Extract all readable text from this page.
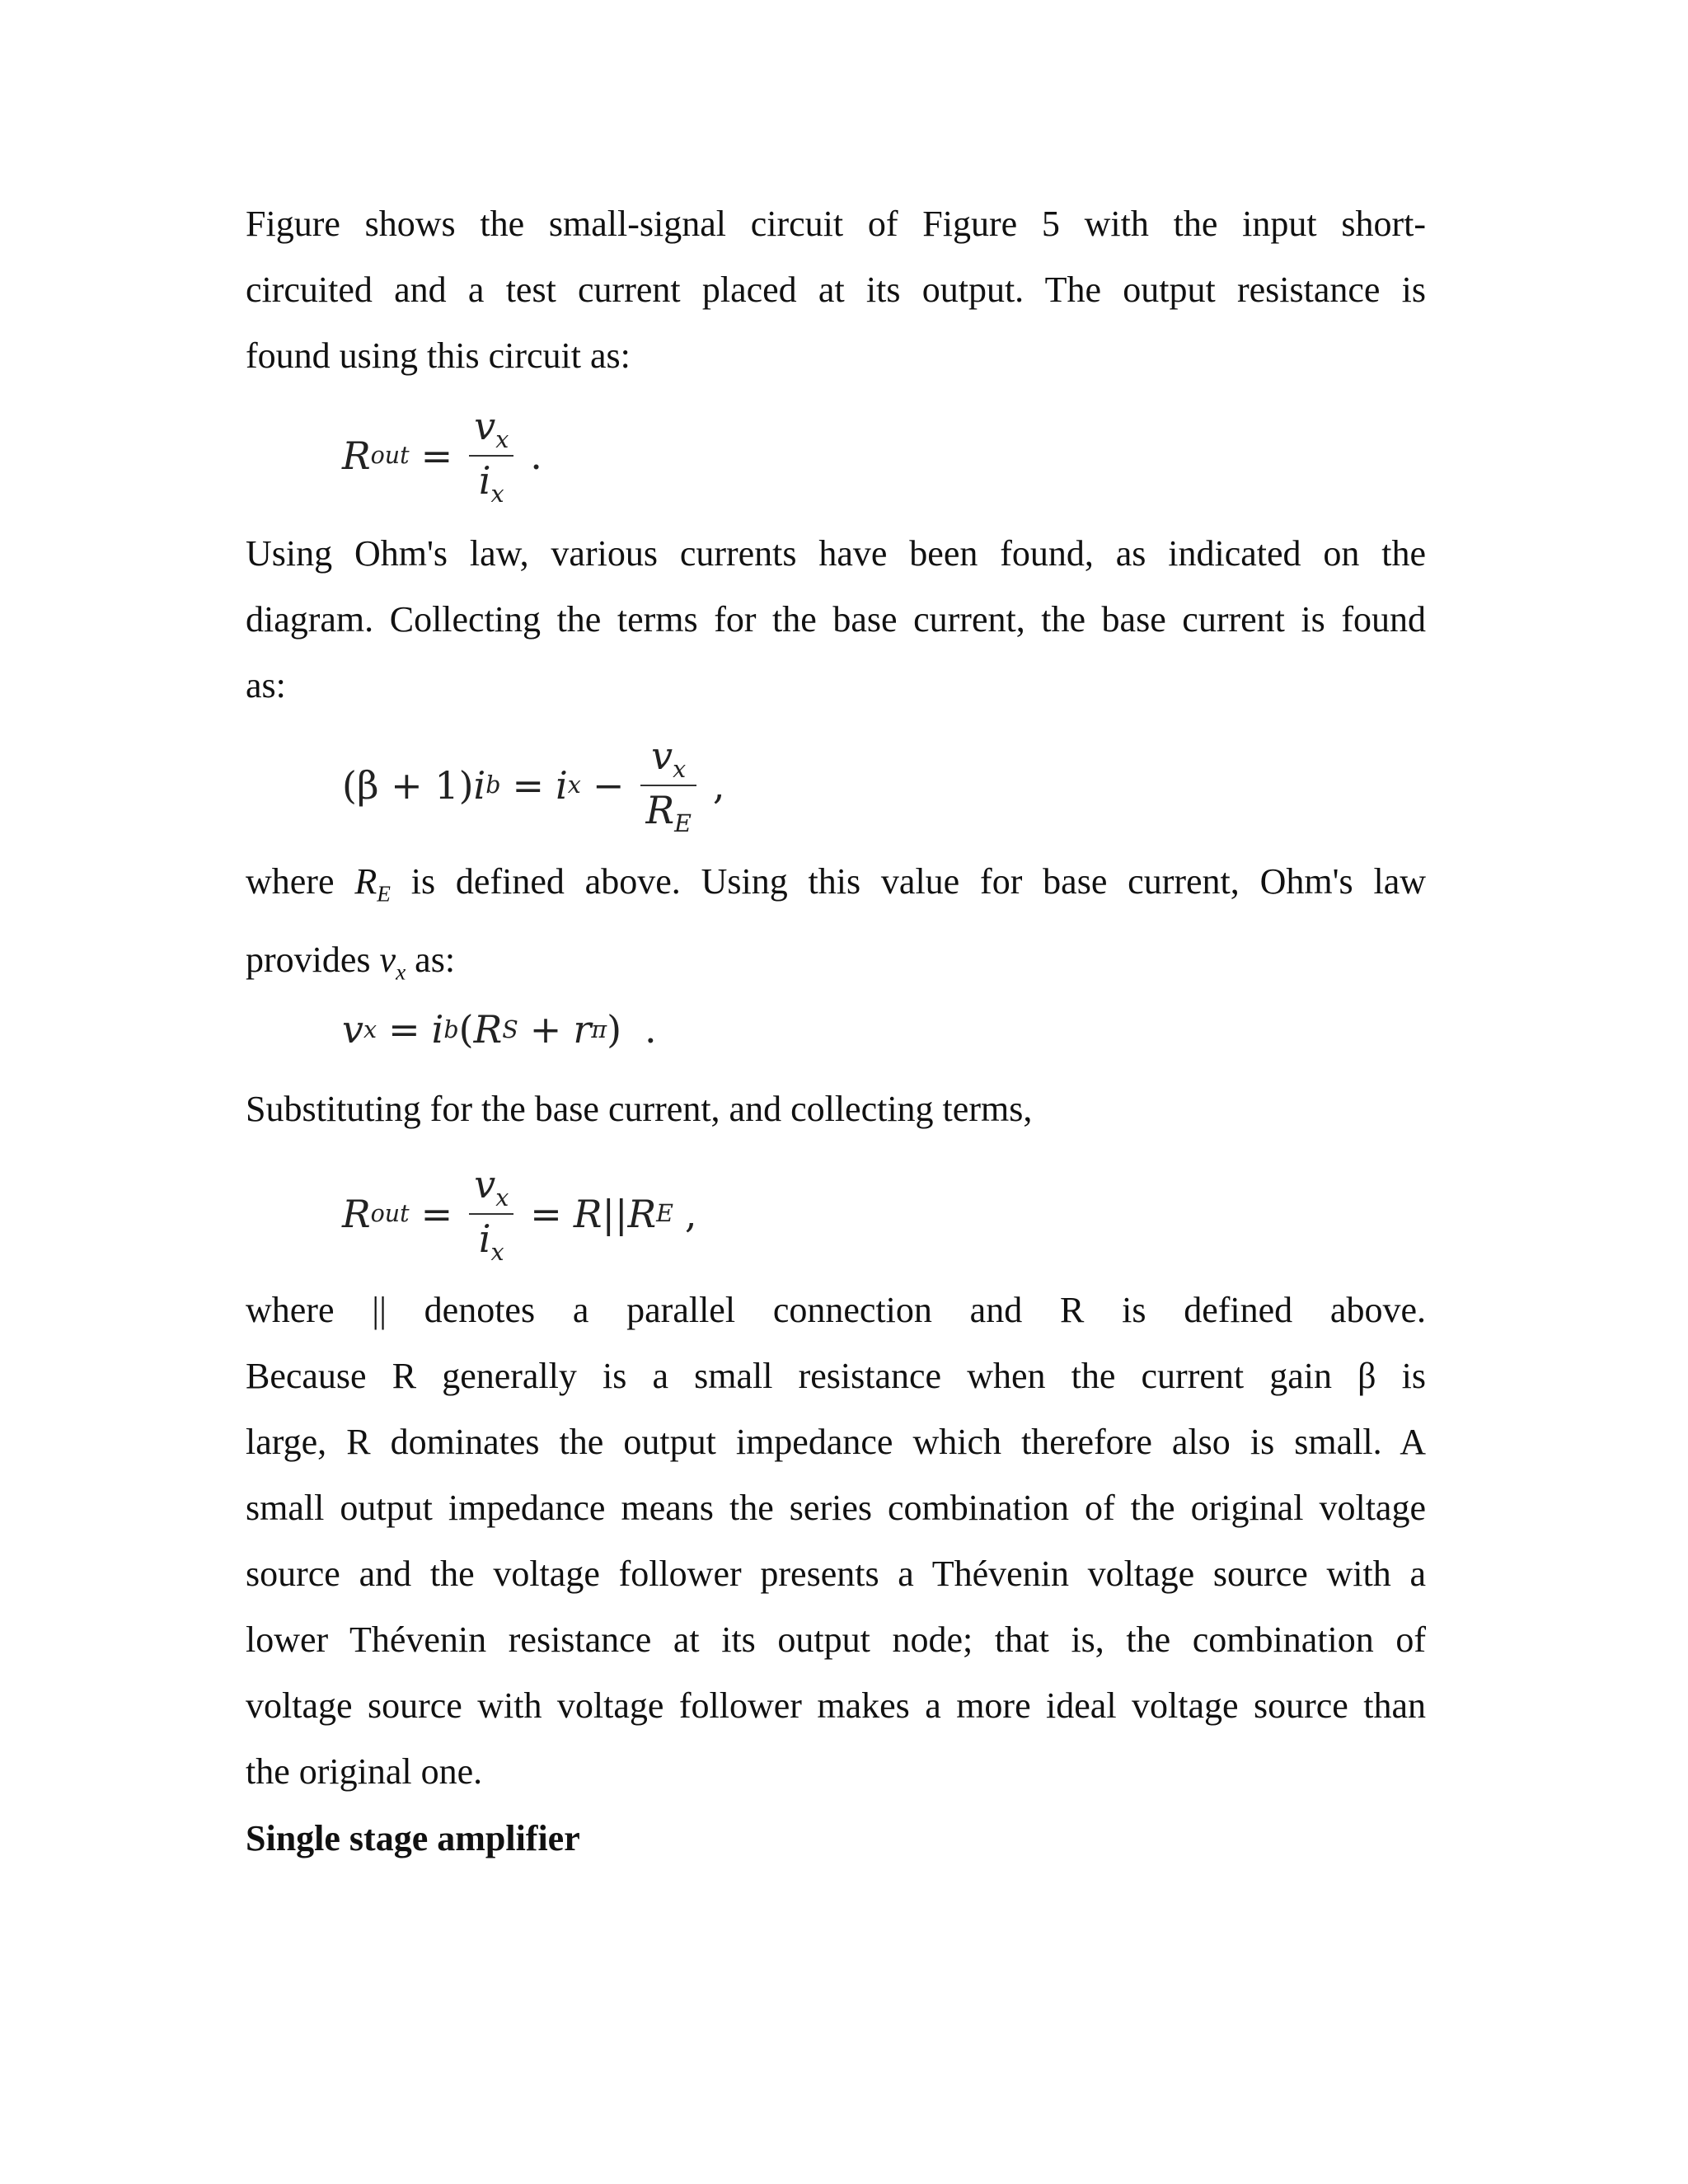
Figure shows the small-signal circuit of Figure 5 with the input short-
circuited and a test current placed at its output. The output resistance is
found using this circuit as:

R out = $\frac{v_x}{i_x}$ .

Using Ohm's law, various currents have been found, as indicated on the
diagram. Collecting the terms for the base current, the base current is found
as:

(β + 1) i b = i $x - \frac{v_x}{R_E}$ ,

where $R_E$ is defined above. Using this value for base current, Ohm's law
provides $v_x$ as:

v x = i b ( R S + r π ) .

Substituting for the base current, and collecting terms,

R out = $\frac{v_x}{i_x} = R||R$ E ,

where || denotes a parallel connection and R is defined above.
Because R generally is a small resistance when the current gain β is
large, R dominates the output impedance which therefore also is small. A
small output impedance means the series combination of the original voltage
source and the voltage follower presents a Thévenin voltage source with a
lower Thévenin resistance at its output node; that is, the combination of
voltage source with voltage follower makes a more ideal voltage source than
the original one.

Single stage amplifier
